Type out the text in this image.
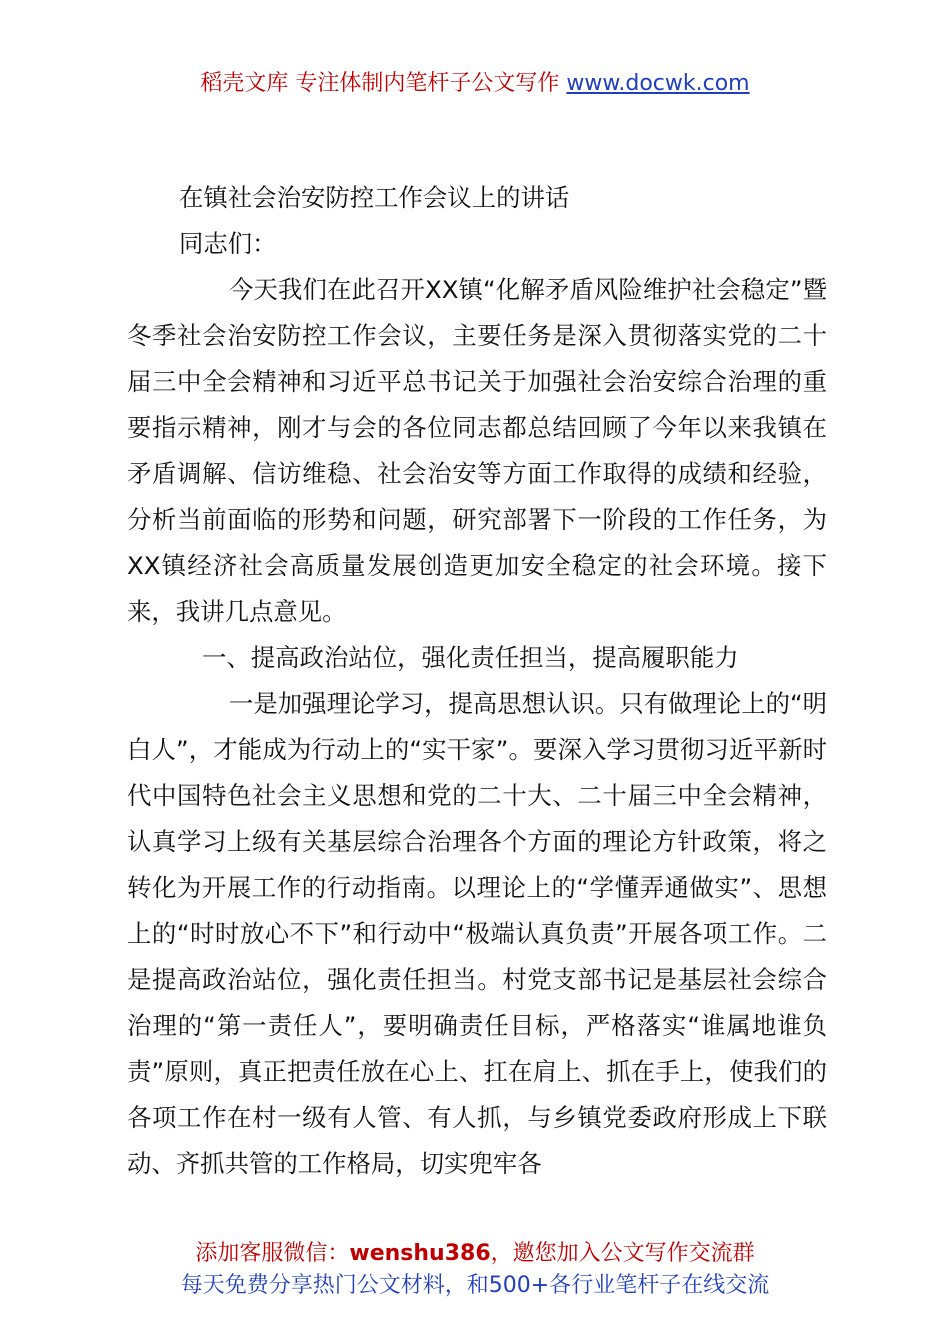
稻壳文库 专注体制内笔杆子公文写作 www.docwk.com

在镇社会治安防控工作会议上的讲话

同志们：

今天我们在此召开XX镇“化解矛盾风险维护社会稳定”暨冬季社会治安防控工作会议，主要任务是深入贯彻落实党的二十届三中全会精神和习近平总书记关于加强社会治安综合治理的重要指示精神，刚才与会的各位同志都总结回顾了今年以来我镇在矛盾调解、信访维稳、社会治安等方面工作取得的成绩和经验，分析当前面临的形势和问题，研究部署下一阶段的工作任务，为XX镇经济社会高质量发展创造更加安全稳定的社会环境。接下来，我讲几点意见。

一、提高政治站位，强化责任担当，提高履职能力

一是加强理论学习，提高思想认识。只有做理论上的“明白人”，才能成为行动上的“实干家”。要深入学习贯彻习近平新时代中国特色社会主义思想和党的二十大、二十届三中全会精神，认真学习上级有关基层综合治理各个方面的理论方针政策，将之转化为开展工作的行动指南。以理论上的“学懂弄通做实”、思想上的“时时放心不下”和行动中“极端认真负责”开展各项工作。二是提高政治站位，强化责任担当。村党支部书记是基层社会综合治理的“第一责任人”，要明确责任目标，严格落实“谁属地谁负责”原则，真正把责任放在心上、扛在肩上、抓在手上，使我们的各项工作在村一级有人管、有人抓，与乡镇党委政府形成上下联动、齐抓共管的工作格局，切实兜牢各

添加客服微信：wenshu386，邀您加入公文写作交流群
每天免费分享热门公文材料，和500+各行业笔杆子在线交流
